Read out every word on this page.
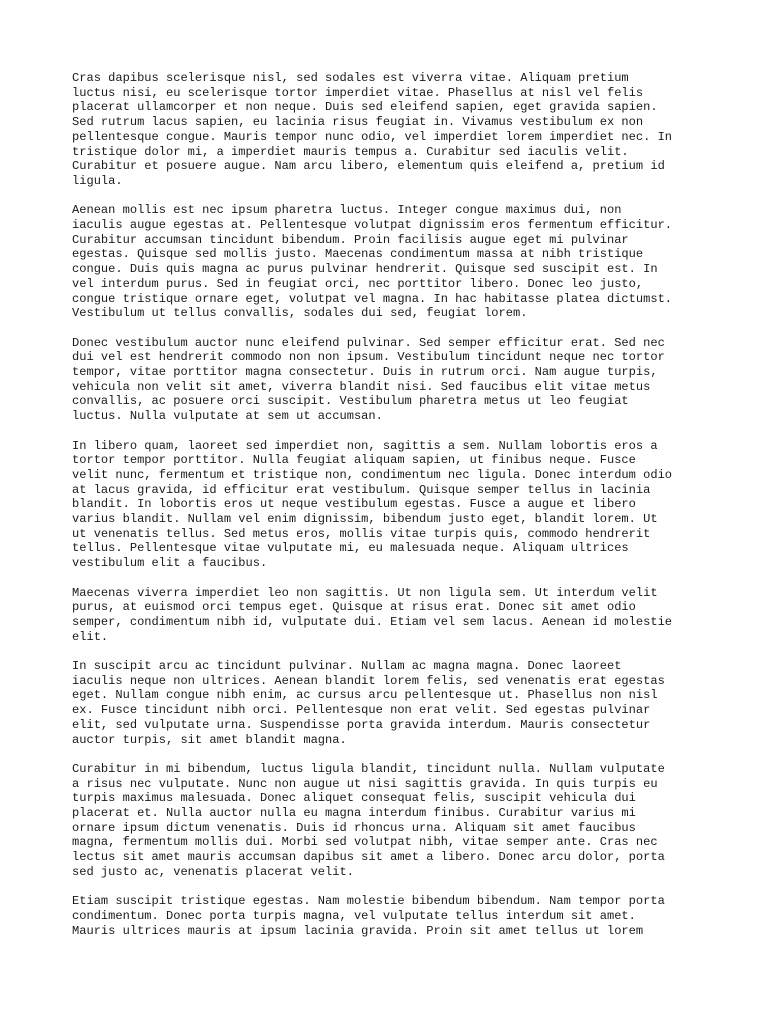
Cras dapibus scelerisque nisl, sed sodales est viverra vitae. Aliquam pretium
luctus nisi, eu scelerisque tortor imperdiet vitae. Phasellus at nisl vel felis
placerat ullamcorper et non neque. Duis sed eleifend sapien, eget gravida sapien.
Sed rutrum lacus sapien, eu lacinia risus feugiat in. Vivamus vestibulum ex non
pellentesque congue. Mauris tempor nunc odio, vel imperdiet lorem imperdiet nec. In
tristique dolor mi, a imperdiet mauris tempus a. Curabitur sed iaculis velit.
Curabitur et posuere augue. Nam arcu libero, elementum quis eleifend a, pretium id
ligula.

Aenean mollis est nec ipsum pharetra luctus. Integer congue maximus dui, non
iaculis augue egestas at. Pellentesque volutpat dignissim eros fermentum efficitur.
Curabitur accumsan tincidunt bibendum. Proin facilisis augue eget mi pulvinar
egestas. Quisque sed mollis justo. Maecenas condimentum massa at nibh tristique
congue. Duis quis magna ac purus pulvinar hendrerit. Quisque sed suscipit est. In
vel interdum purus. Sed in feugiat orci, nec porttitor libero. Donec leo justo,
congue tristique ornare eget, volutpat vel magna. In hac habitasse platea dictumst.
Vestibulum ut tellus convallis, sodales dui sed, feugiat lorem.

Donec vestibulum auctor nunc eleifend pulvinar. Sed semper efficitur erat. Sed nec
dui vel est hendrerit commodo non non ipsum. Vestibulum tincidunt neque nec tortor
tempor, vitae porttitor magna consectetur. Duis in rutrum orci. Nam augue turpis,
vehicula non velit sit amet, viverra blandit nisi. Sed faucibus elit vitae metus
convallis, ac posuere orci suscipit. Vestibulum pharetra metus ut leo feugiat
luctus. Nulla vulputate at sem ut accumsan.

In libero quam, laoreet sed imperdiet non, sagittis a sem. Nullam lobortis eros a
tortor tempor porttitor. Nulla feugiat aliquam sapien, ut finibus neque. Fusce
velit nunc, fermentum et tristique non, condimentum nec ligula. Donec interdum odio
at lacus gravida, id efficitur erat vestibulum. Quisque semper tellus in lacinia
blandit. In lobortis eros ut neque vestibulum egestas. Fusce a augue et libero
varius blandit. Nullam vel enim dignissim, bibendum justo eget, blandit lorem. Ut
ut venenatis tellus. Sed metus eros, mollis vitae turpis quis, commodo hendrerit
tellus. Pellentesque vitae vulputate mi, eu malesuada neque. Aliquam ultrices
vestibulum elit a faucibus.

Maecenas viverra imperdiet leo non sagittis. Ut non ligula sem. Ut interdum velit
purus, at euismod orci tempus eget. Quisque at risus erat. Donec sit amet odio
semper, condimentum nibh id, vulputate dui. Etiam vel sem lacus. Aenean id molestie
elit.

In suscipit arcu ac tincidunt pulvinar. Nullam ac magna magna. Donec laoreet
iaculis neque non ultrices. Aenean blandit lorem felis, sed venenatis erat egestas
eget. Nullam congue nibh enim, ac cursus arcu pellentesque ut. Phasellus non nisl
ex. Fusce tincidunt nibh orci. Pellentesque non erat velit. Sed egestas pulvinar
elit, sed vulputate urna. Suspendisse porta gravida interdum. Mauris consectetur
auctor turpis, sit amet blandit magna.

Curabitur in mi bibendum, luctus ligula blandit, tincidunt nulla. Nullam vulputate
a risus nec vulputate. Nunc non augue ut nisi sagittis gravida. In quis turpis eu
turpis maximus malesuada. Donec aliquet consequat felis, suscipit vehicula dui
placerat et. Nulla auctor nulla eu magna interdum finibus. Curabitur varius mi
ornare ipsum dictum venenatis. Duis id rhoncus urna. Aliquam sit amet faucibus
magna, fermentum mollis dui. Morbi sed volutpat nibh, vitae semper ante. Cras nec
lectus sit amet mauris accumsan dapibus sit amet a libero. Donec arcu dolor, porta
sed justo ac, venenatis placerat velit.

Etiam suscipit tristique egestas. Nam molestie bibendum bibendum. Nam tempor porta
condimentum. Donec porta turpis magna, vel vulputate tellus interdum sit amet.
Mauris ultrices mauris at ipsum lacinia gravida. Proin sit amet tellus ut lorem
